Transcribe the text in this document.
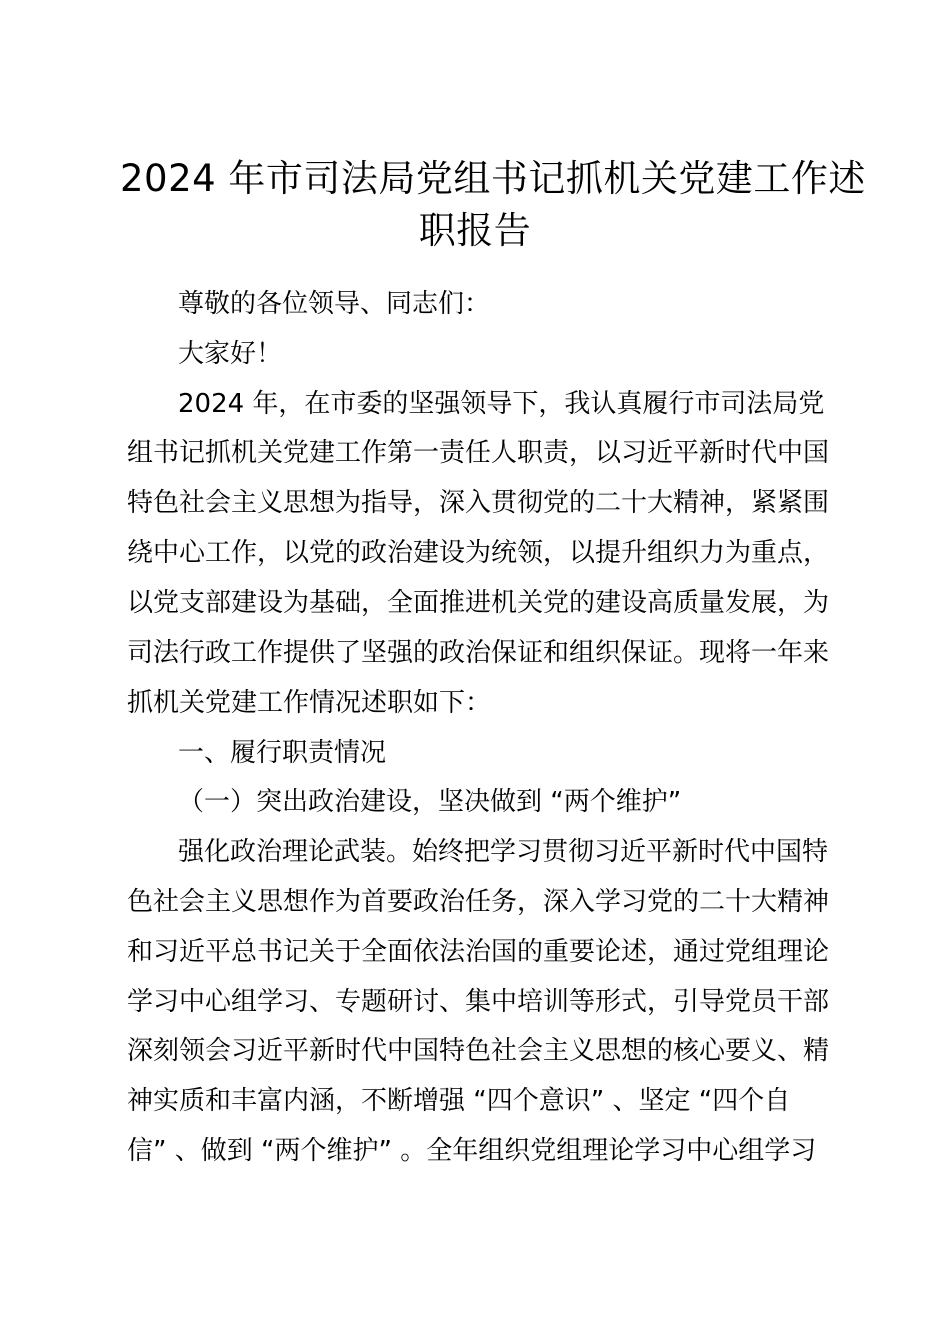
2024 年市司法局党组书记抓机关党建工作述
职报告
尊敬的各位领导、同志们：
大家好！
2024 年，在市委的坚强领导下，我认真履行市司法局党
组书记抓机关党建工作第一责任人职责，以习近平新时代中国
特色社会主义思想为指导，深入贯彻党的二十大精神，紧紧围
绕中心工作，以党的政治建设为统领，以提升组织力为重点，
以党支部建设为基础，全面推进机关党的建设高质量发展，为
司法行政工作提供了坚强的政治保证和组织保证。现将一年来
抓机关党建工作情况述职如下：
一、履行职责情况
（一）突出政治建设，坚决做到 “两个维护”
强化政治理论武装。始终把学习贯彻习近平新时代中国特
色社会主义思想作为首要政治任务，深入学习党的二十大精神
和习近平总书记关于全面依法治国的重要论述，通过党组理论
学习中心组学习、专题研讨、集中培训等形式，引导党员干部
深刻领会习近平新时代中国特色社会主义思想的核心要义、精
神实质和丰富内涵，不断增强 “四个意识” 、坚定 “四个自
信” 、做到 “两个维护” 。全年组织党组理论学习中心组学习
